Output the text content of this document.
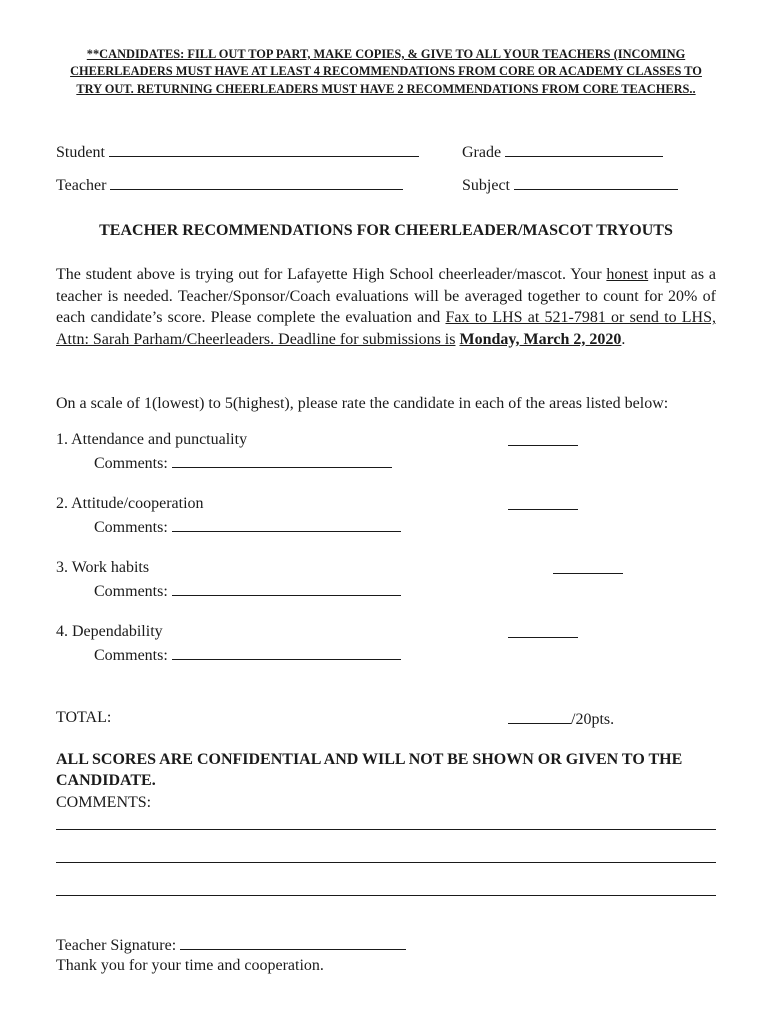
**CANDIDATES: FILL OUT TOP PART, MAKE COPIES, & GIVE TO ALL YOUR TEACHERS (INCOMING CHEERLEADERS MUST HAVE AT LEAST 4 RECOMMENDATIONS FROM CORE OR ACADEMY CLASSES TO TRY OUT. RETURNING CHEERLEADERS MUST HAVE 2 RECOMMENDATIONS FROM CORE TEACHERS..
Student	Grade
Teacher	Subject
TEACHER RECOMMENDATIONS FOR CHEERLEADER/MASCOT TRYOUTS
The student above is trying out for Lafayette High School cheerleader/mascot. Your honest input as a teacher is needed. Teacher/Sponsor/Coach evaluations will be averaged together to count for 20% of each candidate’s score. Please complete the evaluation and Fax to LHS at 521-7981 or send to LHS, Attn: Sarah Parham/Cheerleaders. Deadline for submissions is Monday, March 2, 2020.
On a scale of 1(lowest) to 5(highest), please rate the candidate in each of the areas listed below:
1. Attendance and punctuality
Comments:
2. Attitude/cooperation
Comments:
3. Work habits
Comments:
4. Dependability
Comments:
TOTAL:	/20pts.
ALL SCORES ARE CONFIDENTIAL AND WILL NOT BE SHOWN OR GIVEN TO THE CANDIDATE.
COMMENTS:
Teacher Signature:
Thank you for your time and cooperation.
